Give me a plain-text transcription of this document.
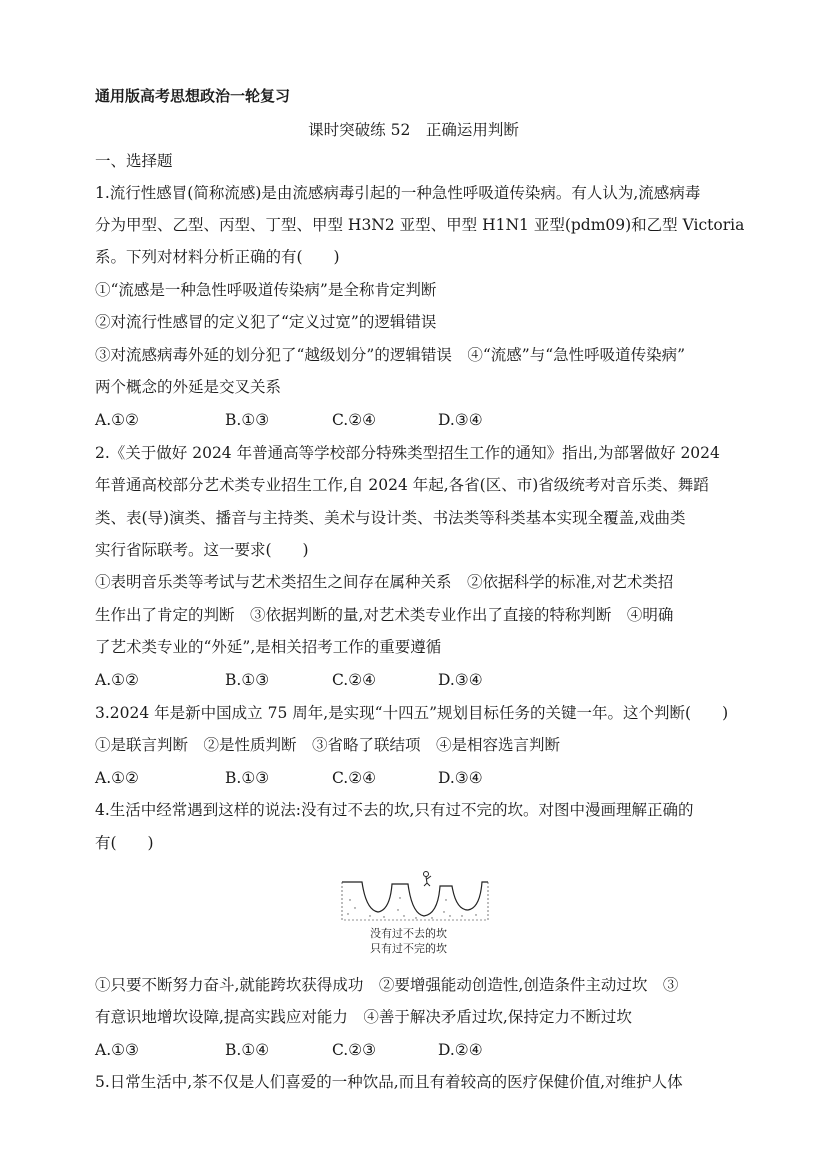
通用版高考思想政治一轮复习
课时突破练 52　正确运用判断
一、选择题
1.流行性感冒(简称流感)是由流感病毒引起的一种急性呼吸道传染病。有人认为,流感病毒
分为甲型、乙型、丙型、丁型、甲型 H3N2 亚型、甲型 H1N1 亚型(pdm09)和乙型 Victoria
系。下列对材料分析正确的有(　　)
①“流感是一种急性呼吸道传染病”是全称肯定判断
②对流行性感冒的定义犯了“定义过宽”的逻辑错误
③对流感病毒外延的划分犯了“越级划分”的逻辑错误　④“流感”与“急性呼吸道传染病”
两个概念的外延是交叉关系
A.①②	B.①③	C.②④	D.③④
2.《关于做好 2024 年普通高等学校部分特殊类型招生工作的通知》指出,为部署做好 2024
年普通高校部分艺术类专业招生工作,自 2024 年起,各省(区、市)省级统考对音乐类、舞蹈
类、表(导)演类、播音与主持类、美术与设计类、书法类等科类基本实现全覆盖,戏曲类
实行省际联考。这一要求(　　)
①表明音乐类等考试与艺术类招生之间存在属种关系　②依据科学的标准,对艺术类招
生作出了肯定的判断　③依据判断的量,对艺术类专业作出了直接的特称判断　④明确
了艺术类专业的“外延”,是相关招考工作的重要遵循
A.①②	B.①③	C.②④	D.③④
3.2024 年是新中国成立 75 周年,是实现“十四五”规划目标任务的关键一年。这个判断(　　)
①是联言判断　②是性质判断　③省略了联结项　④是相容选言判断
A.①②	B.①③	C.②④	D.③④
4.生活中经常遇到这样的说法:没有过不去的坎,只有过不完的坎。对图中漫画理解正确的
有(　　)
没有过不去的坎
只有过不完的坎
①只要不断努力奋斗,就能跨坎获得成功　②要增强能动创造性,创造条件主动过坎　③
有意识地增坎设障,提高实践应对能力　④善于解决矛盾过坎,保持定力不断过坎
A.①③	B.①④	C.②③	D.②④
5.日常生活中,茶不仅是人们喜爱的一种饮品,而且有着较高的医疗保健价值,对维护人体
